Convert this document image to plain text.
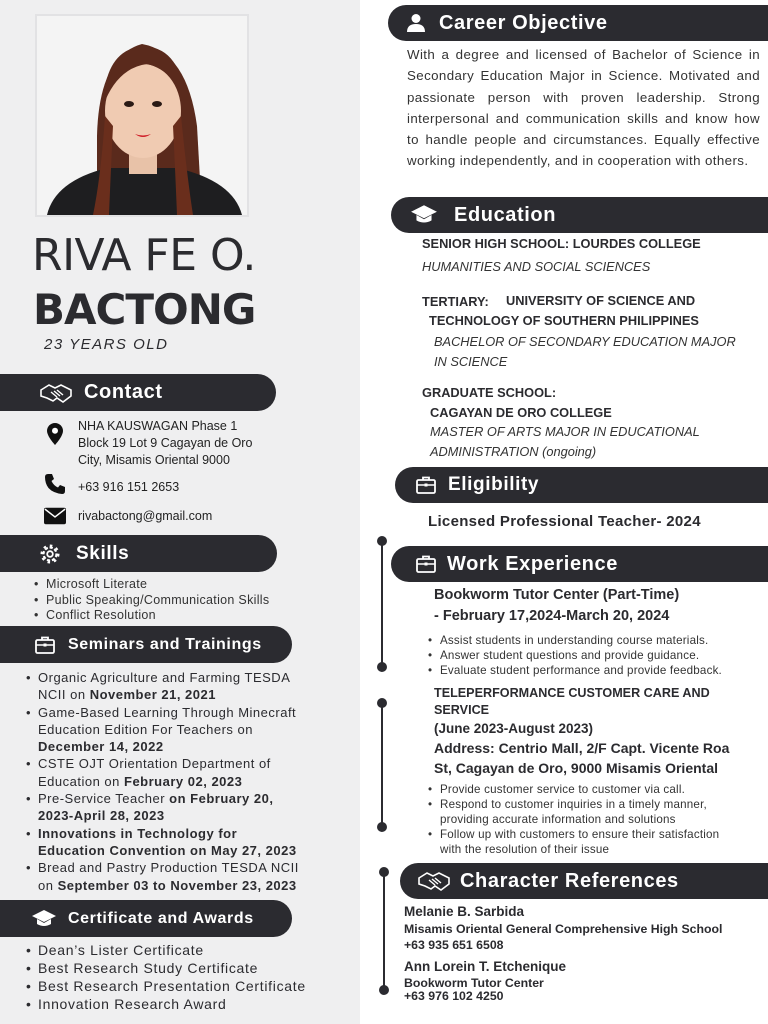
RIVA FE O.
BACTONG
23 YEARS OLD
Contact
NHA KAUSWAGAN Phase 1
Block 19 Lot 9 Cagayan de Oro
City, Misamis Oriental 9000
+63 916 151 2653
rivabactong@gmail.com
Skills
• Microsoft Literate
• Public Speaking/Communication Skills
• Conflict Resolution
Seminars and Trainings
• Organic Agriculture and Farming TESDA
NCII on November 21, 2021
• Game-Based Learning Through Minecraft
Education Edition For Teachers on
December 14, 2022
• CSTE OJT Orientation Department of
Education on February 02, 2023
• Pre-Service Teacher on February 20,
2023-April 28, 2023
• Innovations in Technology for
Education Convention on May 27, 2023
• Bread and Pastry Production TESDA NCII
on September 03 to November 23, 2023
Certificate and Awards
• Dean’s Lister Certificate
• Best Research Study Certificate
• Best Research Presentation Certificate
• Innovation Research Award
Career Objective

With a degree and licensed of Bachelor of Science in Secondary Education Major in Science. Motivated and passionate person with proven leadership. Strong interpersonal and communication skills and know how to handle people and circumstances. Equally effective working independently, and in cooperation with others.

Education
SENIOR HIGH SCHOOL: LOURDES COLLEGE
HUMANITIES AND SOCIAL SCIENCES
TERTIARY: UNIVERSITY OF SCIENCE AND
TECHNOLOGY OF SOUTHERN PHILIPPINES
BACHELOR OF SECONDARY EDUCATION MAJOR
IN SCIENCE
GRADUATE SCHOOL:
CAGAYAN DE ORO COLLEGE
MASTER OF ARTS MAJOR IN EDUCATIONAL
ADMINISTRATION (ongoing)
Eligibility
Licensed Professional Teacher- 2024
Work Experience
Bookworm Tutor Center (Part-Time)
- February 17,2024-March 20, 2024
• Assist students in understanding course materials.
• Answer student questions and provide guidance.
• Evaluate student performance and provide feedback.
TELEPERFORMANCE CUSTOMER CARE AND
SERVICE
(June 2023-August 2023)
Address: Centrio Mall, 2/F Capt. Vicente Roa
St, Cagayan de Oro, 9000 Misamis Oriental
• Provide customer service to customer via call.
• Respond to customer inquiries in a timely manner,
providing accurate information and solutions
• Follow up with customers to ensure their satisfaction
with the resolution of their issue
Character References
Melanie B. Sarbida
Misamis Oriental General Comprehensive High School
+63 935 651 6508
Ann Lorein T. Etchenique
Bookworm Tutor Center
+63 976 102 4250
